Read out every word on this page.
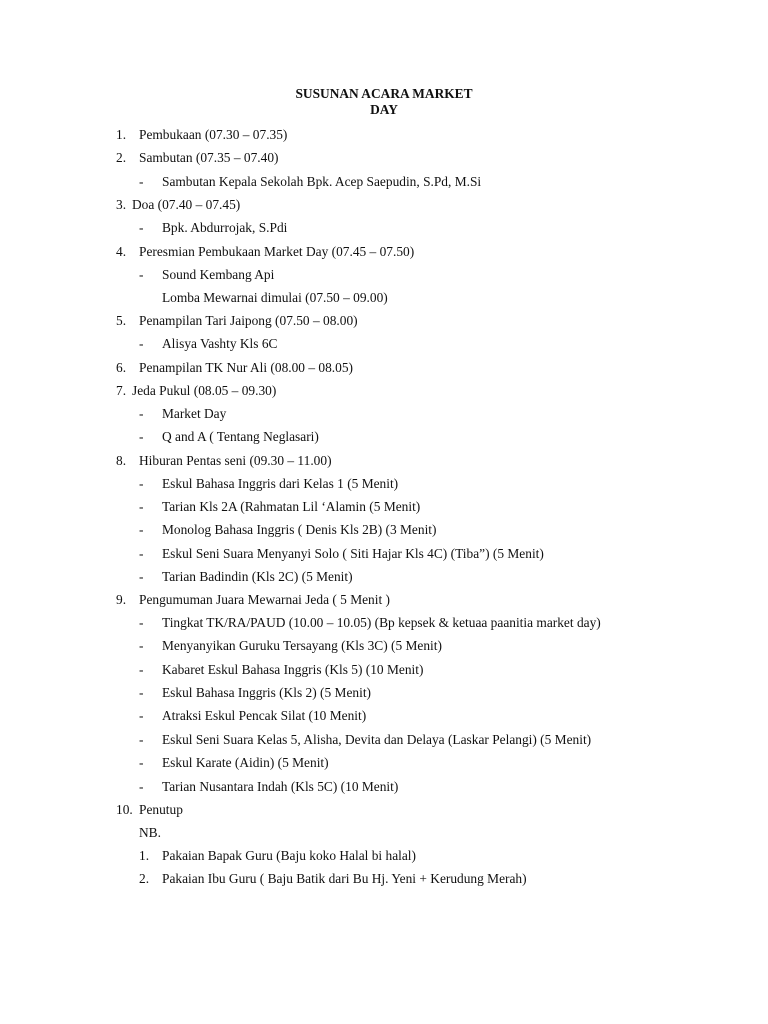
SUSUNAN ACARA MARKET
DAY
1. Pembukaan (07.30 – 07.35)
2. Sambutan (07.35 – 07.40)
- Sambutan Kepala Sekolah Bpk. Acep Saepudin, S.Pd, M.Si
3. Doa (07.40 – 07.45)
- Bpk. Abdurrojak, S.Pdi
4. Peresmian Pembukaan Market Day (07.45 – 07.50)
- Sound Kembang Api
Lomba Mewarnai dimulai (07.50 – 09.00)
5. Penampilan Tari Jaipong (07.50 – 08.00)
- Alisya Vashty Kls 6C
6. Penampilan TK Nur Ali (08.00 – 08.05)
7. Jeda Pukul (08.05 – 09.30)
- Market Day
- Q and A ( Tentang Neglasari)
8. Hiburan Pentas seni (09.30 – 11.00)
- Eskul Bahasa Inggris dari Kelas 1 (5 Menit)
- Tarian Kls 2A (Rahmatan Lil ‘Alamin (5 Menit)
- Monolog Bahasa Inggris ( Denis Kls 2B) (3 Menit)
- Eskul Seni Suara Menyanyi Solo ( Siti Hajar Kls 4C) (Tiba”) (5 Menit)
- Tarian Badindin (Kls 2C) (5 Menit)
9. Pengumuman Juara Mewarnai Jeda ( 5 Menit )
- Tingkat TK/RA/PAUD (10.00 – 10.05) (Bp kepsek & ketuaa paanitia market day)
- Menyanyikan Guruku Tersayang (Kls 3C) (5 Menit)
- Kabaret Eskul Bahasa Inggris (Kls 5) (10 Menit)
- Eskul Bahasa Inggris (Kls 2) (5 Menit)
- Atraksi Eskul Pencak Silat (10 Menit)
- Eskul Seni Suara Kelas 5, Alisha, Devita dan Delaya (Laskar Pelangi) (5 Menit)
- Eskul Karate (Aidin) (5 Menit)
- Tarian Nusantara Indah (Kls 5C) (10 Menit)
10. Penutup
NB.
1. Pakaian Bapak Guru (Baju koko Halal bi halal)
2. Pakaian Ibu Guru ( Baju Batik dari Bu Hj. Yeni + Kerudung Merah)
